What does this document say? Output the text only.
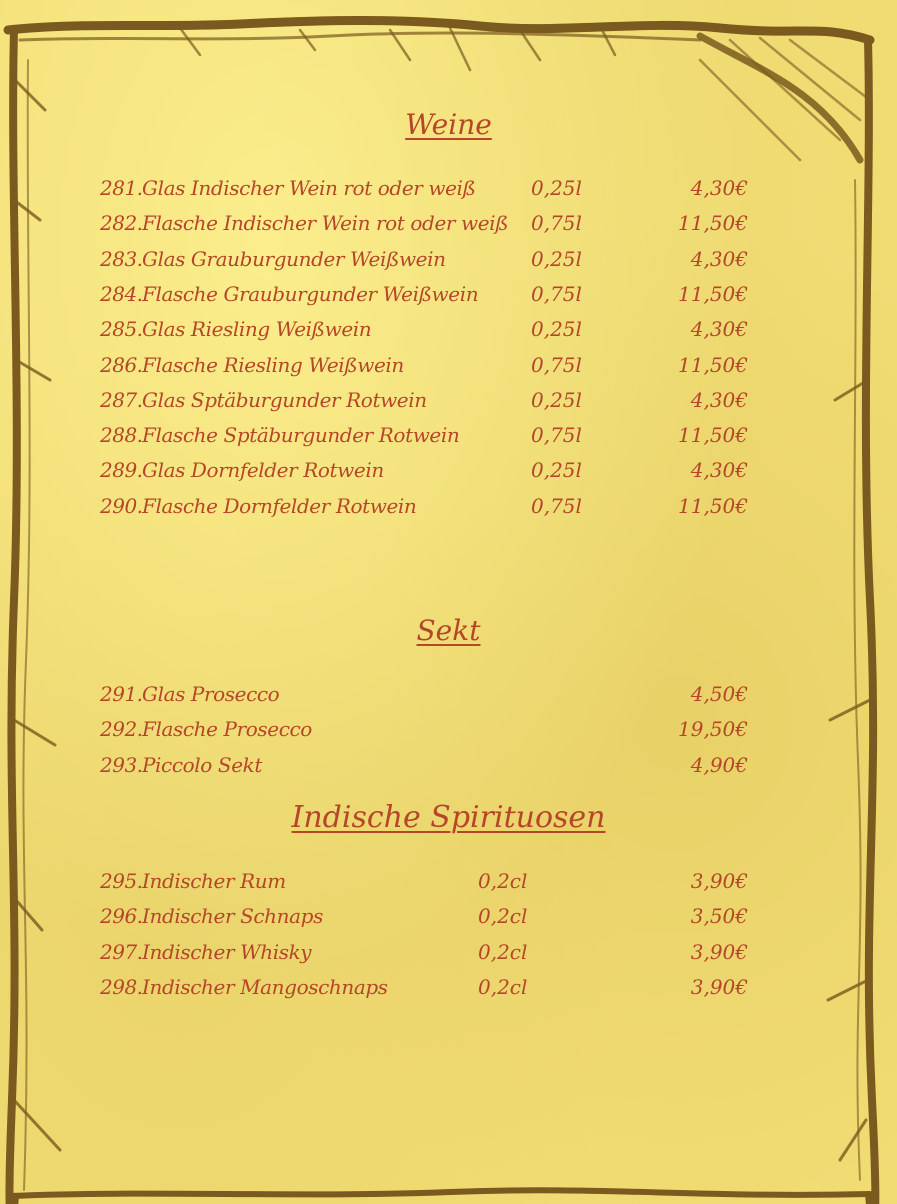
Weine
281. Glas Indischer Wein rot oder weiß	0,25l	4,30€
282. Flasche Indischer Wein rot oder weiß 0,75l	11,50€
283. Glas Grauburgunder Weißwein	0,25l	4,30€
284. Flasche Grauburgunder Weißwein	0,75l	11,50€
285. Glas Riesling Weißwein	0,25l	4,30€
286. Flasche Riesling Weißwein	0,75l	11,50€
287. Glas Sptäburgunder Rotwein	0,25l	4,30€
288. Flasche Sptäburgunder Rotwein	0,75l	11,50€
289. Glas Dornfelder Rotwein	0,25l	4,30€
290. Flasche Dornfelder Rotwein	0,75l	11,50€
Sekt
291. Glas Prosecco	4,50€
292. Flasche Prosecco	19,50€
293. Piccolo Sekt	4,90€
Indische Spirituosen
295. Indischer Rum	0,2cl	3,90€
296. Indischer Schnaps	0,2cl	3,50€
297. Indischer Whisky	0,2cl	3,90€
298. Indischer Mangoschnaps	0,2cl	3,90€
